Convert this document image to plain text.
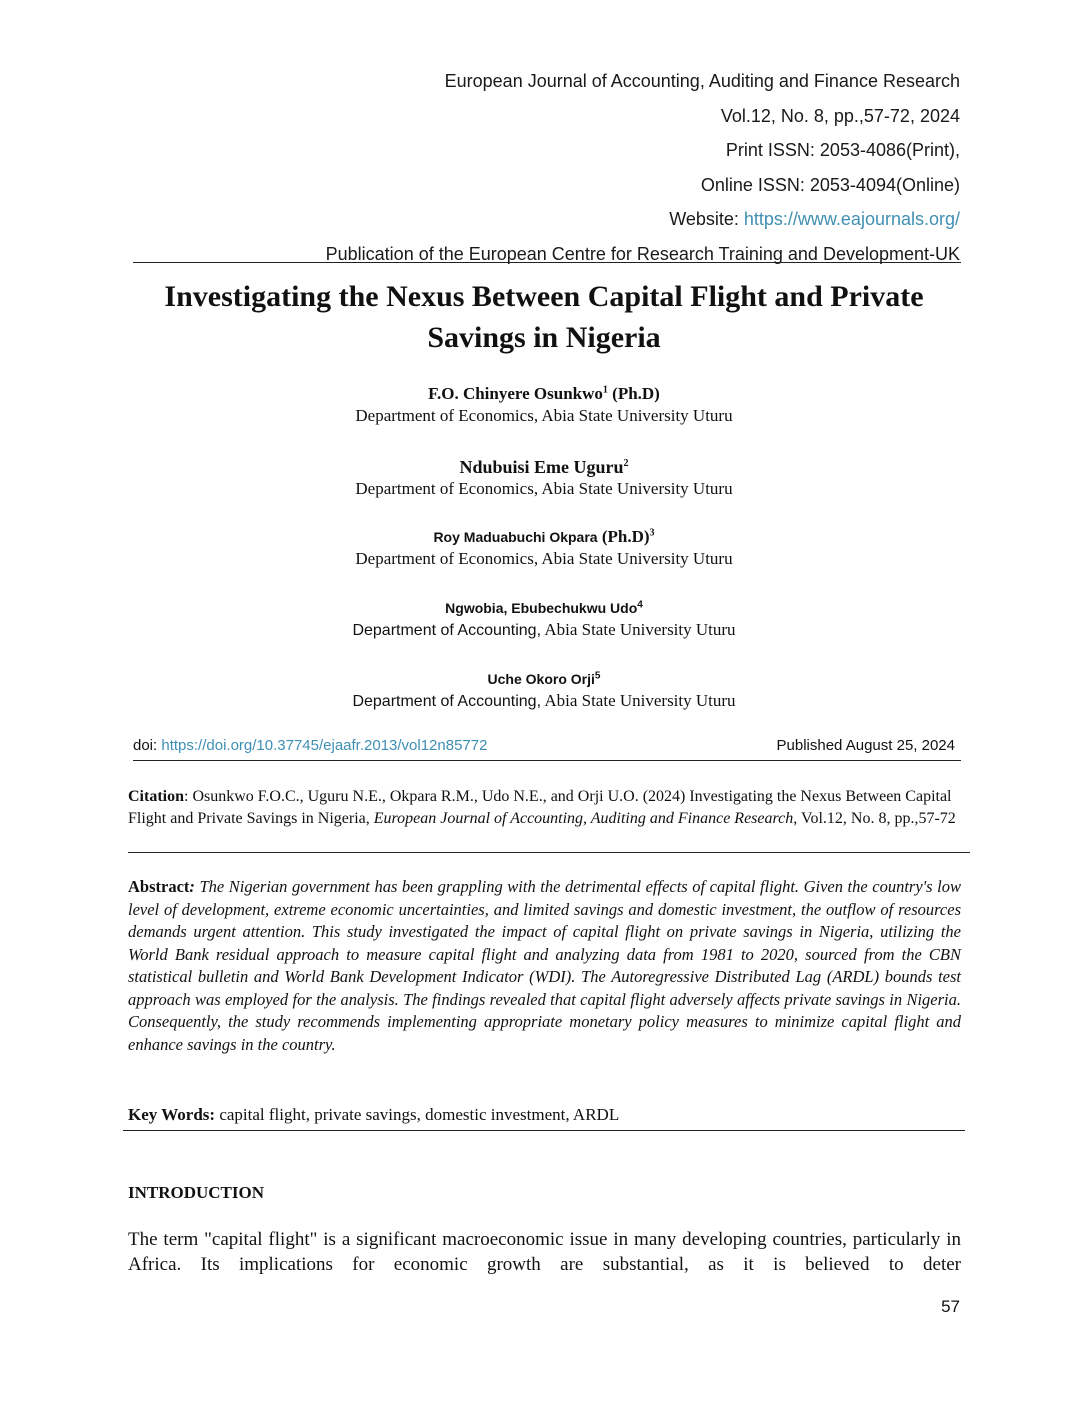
European Journal of Accounting, Auditing and Finance Research
Vol.12, No. 8, pp.,57-72, 2024
Print ISSN: 2053-4086(Print),
Online ISSN: 2053-4094(Online)
Website: https://www.eajournals.org/
Publication of the European Centre for Research Training and Development-UK
Investigating the Nexus Between Capital Flight and Private
Savings in Nigeria
F.O. Chinyere Osunkwo$^1$ (Ph.D)
Department of Economics, Abia State University Uturu
Ndubuisi Eme Uguru$^2$
Department of Economics, Abia State University Uturu
Roy Maduabuchi Okpara $(Ph.D)^3$
Department of Economics, Abia State University Uturu
Ngwobia, Ebubechukwu Udo$^4$
Department of Accounting, Abia State University Uturu
Uche Okoro Orji$^5$
Department of Accounting, Abia State University Uturu
doi: https://doi.org/10.37745/ejaafr.2013/vol12n85772	Published August 25, 2024
Citation: Osunkwo F.O.C., Uguru N.E., Okpara R.M., Udo N.E., and Orji U.O. (2024) Investigating the Nexus Between Capital Flight and Private Savings in Nigeria, European Journal of Accounting, Auditing and Finance Research, Vol.12, No. 8, pp.,57-72
Abstract: The Nigerian government has been grappling with the detrimental effects of capital flight. Given the country's low level of development, extreme economic uncertainties, and limited savings and domestic investment, the outflow of resources demands urgent attention. This study investigated the impact of capital flight on private savings in Nigeria, utilizing the World Bank residual approach to measure capital flight and analyzing data from 1981 to 2020, sourced from the CBN statistical bulletin and World Bank Development Indicator (WDI). The Autoregressive Distributed Lag (ARDL) bounds test approach was employed for the analysis. The findings revealed that capital flight adversely affects private savings in Nigeria. Consequently, the study recommends implementing appropriate monetary policy measures to minimize capital flight and enhance savings in the country.
Key Words: capital flight, private savings, domestic investment, ARDL
INTRODUCTION
The term "capital flight" is a significant macroeconomic issue in many developing countries, particularly in Africa. Its implications for economic growth are substantial, as it is believed to deter
57
